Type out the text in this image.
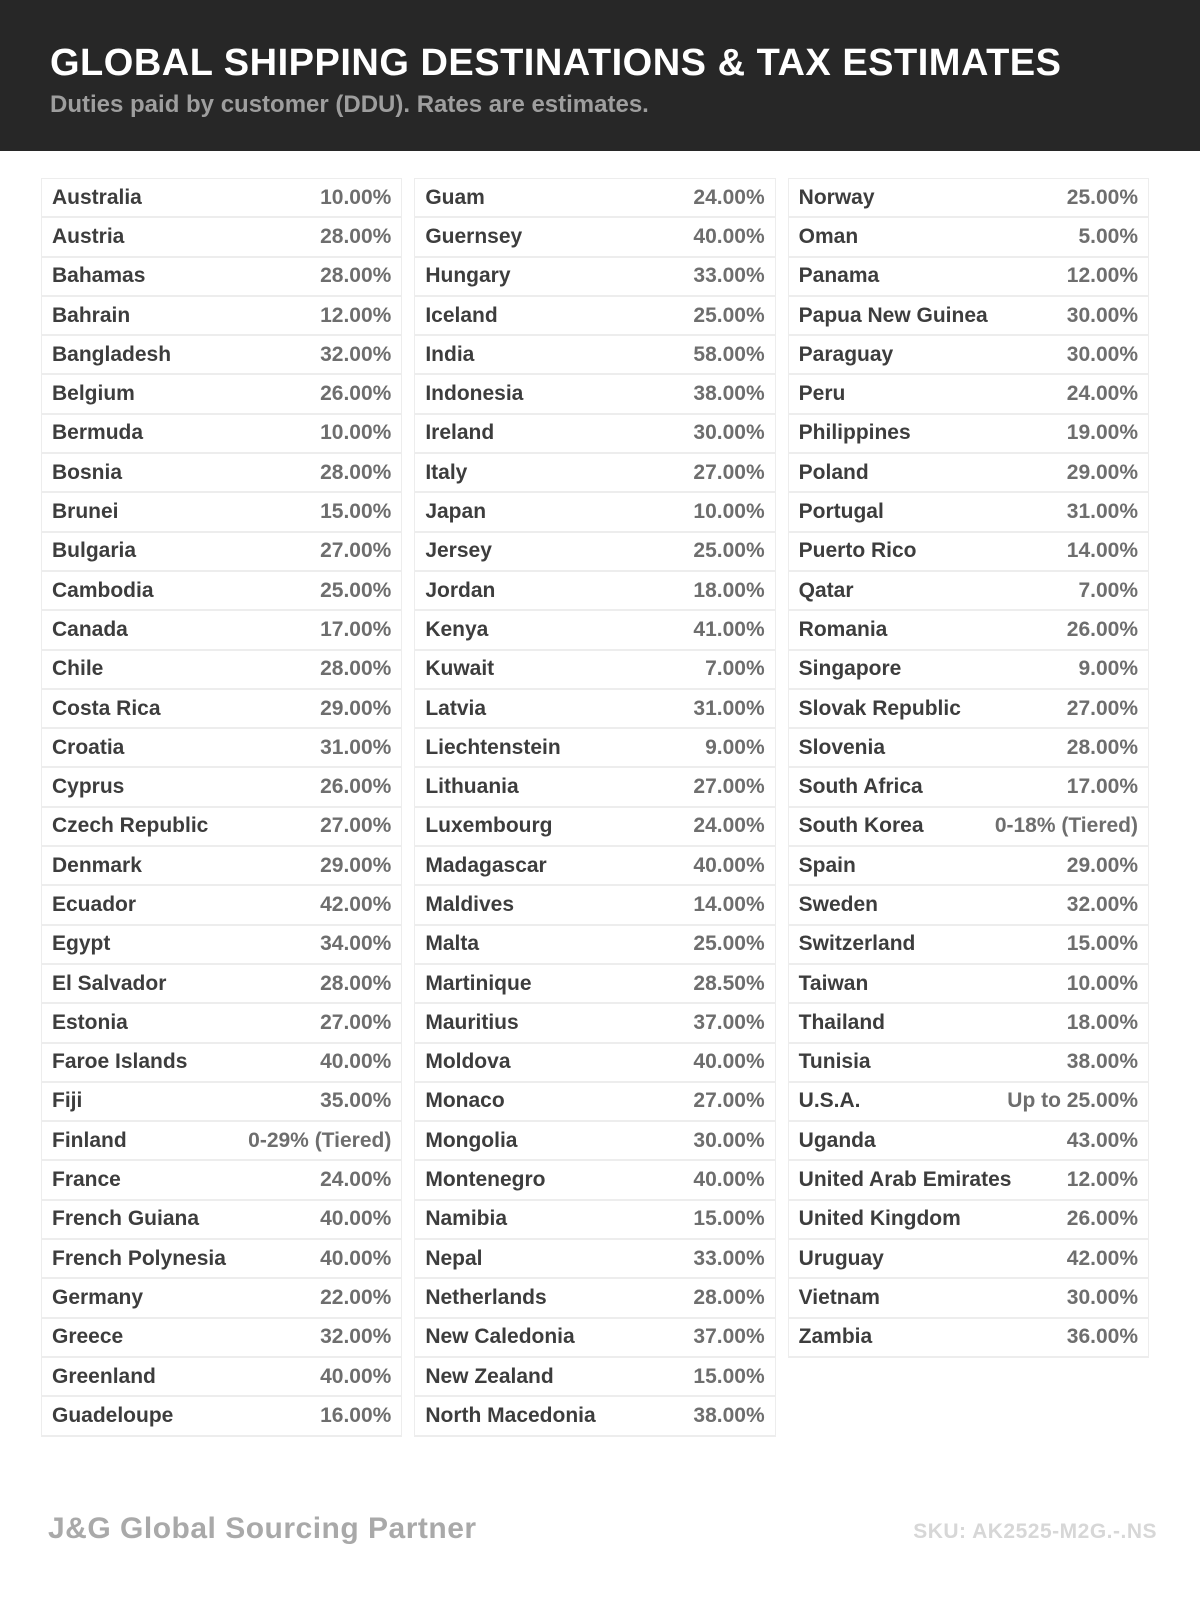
GLOBAL SHIPPING DESTINATIONS & TAX ESTIMATES
Duties paid by customer (DDU). Rates are estimates.
Australia	10.00%
Austria	28.00%
Bahamas	28.00%
Bahrain	12.00%
Bangladesh	32.00%
Belgium	26.00%
Bermuda	10.00%
Bosnia	28.00%
Brunei	15.00%
Bulgaria	27.00%
Cambodia	25.00%
Canada	17.00%
Chile	28.00%
Costa Rica	29.00%
Croatia	31.00%
Cyprus	26.00%
Czech Republic	27.00%
Denmark	29.00%
Ecuador	42.00%
Egypt	34.00%
El Salvador	28.00%
Estonia	27.00%
Faroe Islands	40.00%
Fiji	35.00%
Finland	0-29% (Tiered)
France	24.00%
French Guiana	40.00%
French Polynesia	40.00%
Germany	22.00%
Greece	32.00%
Greenland	40.00%
Guadeloupe	16.00%
Guam	24.00%
Guernsey	40.00%
Hungary	33.00%
Iceland	25.00%
India	58.00%
Indonesia	38.00%
Ireland	30.00%
Italy	27.00%
Japan	10.00%
Jersey	25.00%
Jordan	18.00%
Kenya	41.00%
Kuwait	7.00%
Latvia	31.00%
Liechtenstein	9.00%
Lithuania	27.00%
Luxembourg	24.00%
Madagascar	40.00%
Maldives	14.00%
Malta	25.00%
Martinique	28.50%
Mauritius	37.00%
Moldova	40.00%
Monaco	27.00%
Mongolia	30.00%
Montenegro	40.00%
Namibia	15.00%
Nepal	33.00%
Netherlands	28.00%
New Caledonia	37.00%
New Zealand	15.00%
North Macedonia	38.00%
Norway	25.00%
Oman	5.00%
Panama	12.00%
Papua New Guinea	30.00%
Paraguay	30.00%
Peru	24.00%
Philippines	19.00%
Poland	29.00%
Portugal	31.00%
Puerto Rico	14.00%
Qatar	7.00%
Romania	26.00%
Singapore	9.00%
Slovak Republic	27.00%
Slovenia	28.00%
South Africa	17.00%
South Korea	0-18% (Tiered)
Spain	29.00%
Sweden	32.00%
Switzerland	15.00%
Taiwan	10.00%
Thailand	18.00%
Tunisia	38.00%
U.S.A.	Up to 25.00%
Uganda	43.00%
United Arab Emirates	12.00%
United Kingdom	26.00%
Uruguay	42.00%
Vietnam	30.00%
Zambia	36.00%
J&G Global Sourcing Partner	SKU: AK2525-M2G.-.NS
